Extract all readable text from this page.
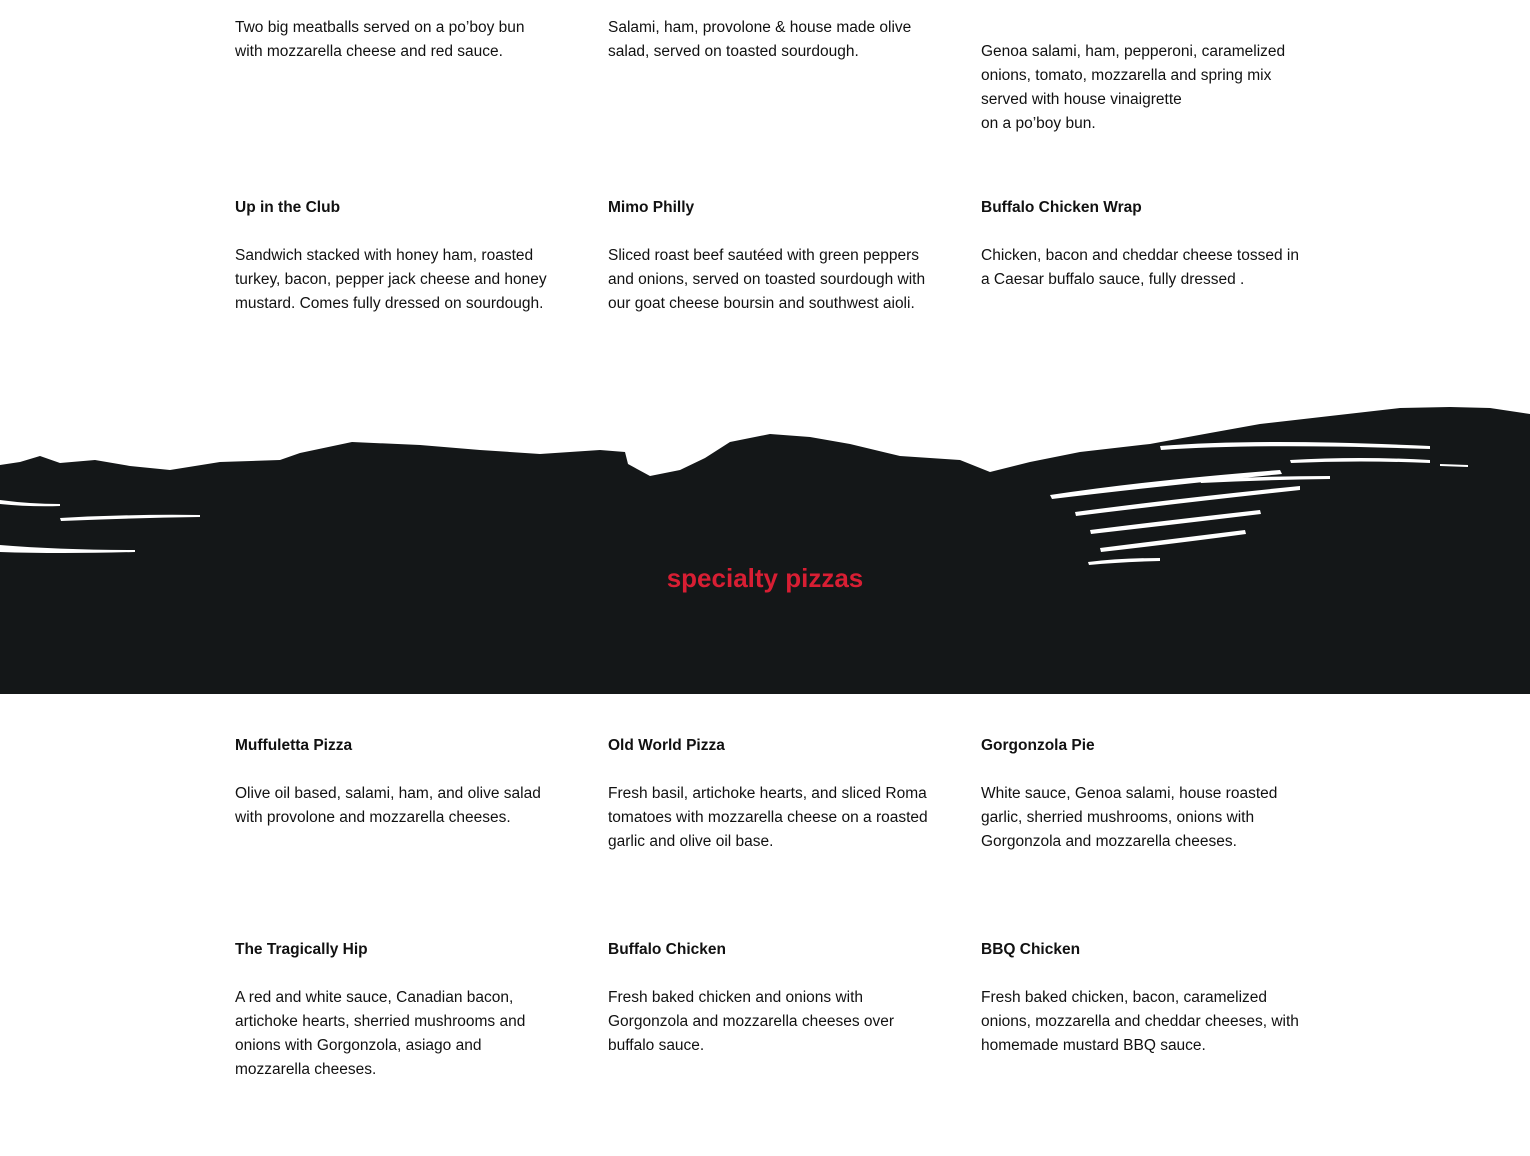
Two big meatballs served on a po’boy bun with mozzarella cheese and red sauce.
Salami, ham, provolone & house made olive salad, served on toasted sourdough.	Genoa salami, ham, pepperoni, caramelized onions, tomato, mozzarella and spring mix served with house vinaigrette
on a po’boy bun.

Up in the Club
Sandwich stacked with honey ham, roasted turkey, bacon, pepper jack cheese and honey mustard. Comes fully dressed on sourdough.
Mimo Philly
Sliced roast beef sautéed with green peppers and onions, served on toasted sourdough with our goat cheese boursin and southwest aioli.
Buffalo Chicken Wrap
Chicken, bacon and cheddar cheese tossed in a Caesar buffalo sauce, fully dressed .
specialty pizzas
Muffuletta Pizza
Olive oil based, salami, ham, and olive salad with provolone and mozzarella cheeses.
Old World Pizza
Fresh basil, artichoke hearts, and sliced Roma tomatoes with mozzarella cheese on a roasted garlic and olive oil base.
Gorgonzola Pie
White sauce, Genoa salami, house roasted garlic, sherried mushrooms, onions with Gorgonzola and mozzarella cheeses.
The Tragically Hip
A red and white sauce, Canadian bacon, artichoke hearts, sherried mushrooms and onions with Gorgonzola, asiago and mozzarella cheeses.
Buffalo Chicken
Fresh baked chicken and onions with Gorgonzola and mozzarella cheeses over buffalo sauce.
BBQ Chicken
Fresh baked chicken, bacon, caramelized onions, mozzarella and cheddar cheeses, with homemade mustard BBQ sauce.
